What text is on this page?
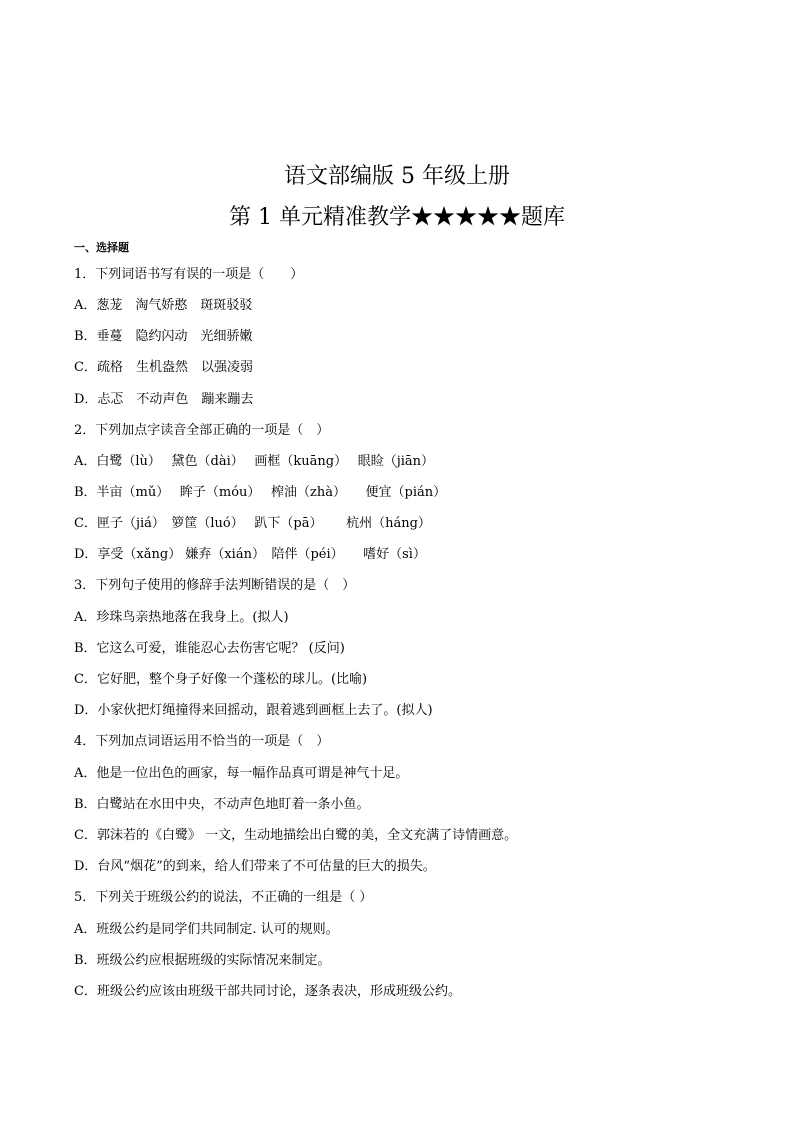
语文部编版 5 年级上册
第 1 单元精准教学★★★★★题库
一、选择题
1．下列词语书写有误的一项是（　　）
A．葱茏　淘气娇憨　斑斑驳驳
B．垂蔓　隐约闪动　光细骄嫩
C．疏格　生机盎然　以强凌弱
D．忐忑　不动声色　蹦来蹦去
2．下列加点字读音全部正确的一项是（　）
A．白鹭（lù）　 黛色（dài）　 画框（kuāng）　 眼睑（jiān）
B．半亩（mǔ）　 眸子（móu）　 榨油（zhà）　　便宜（pián）
C．匣子（jiá）　箩筐（luó）　 趴下（pā）　　 杭州（háng）
D．享受（xǎng） 嫌弃（xián）　陪伴（péi）　　嗜好（sì）
3．下列句子使用的修辞手法判断错误的是（　）
A．珍珠鸟亲热地落在我身上。(拟人)
B．它这么可爱，谁能忍心去伤害它呢？ (反问)
C．它好肥，整个身子好像一个蓬松的球儿。(比喻)
D．小家伙把灯绳撞得来回摇动，跟着逃到画框上去了。(拟人)
4．下列加点词语运用不恰当的一项是（　）
A．他是一位出色的画家，每一幅作品真可谓是神气十足。
B．白鹭站在水田中央，不动声色地盯着一条小鱼。
C．郭沫若的《白鹭》 一文，生动地描绘出白鹭的美，全文充满了诗情画意。
D．台风“烟花”的到来，给人们带来了不可估量的巨大的损失。
5．下列关于班级公约的说法，不正确的一组是（ ）
A．班级公约是同学们共同制定. 认可的规则。
B．班级公约应根据班级的实际情况来制定。
C．班级公约应该由班级干部共同讨论，逐条表决，形成班级公约。
